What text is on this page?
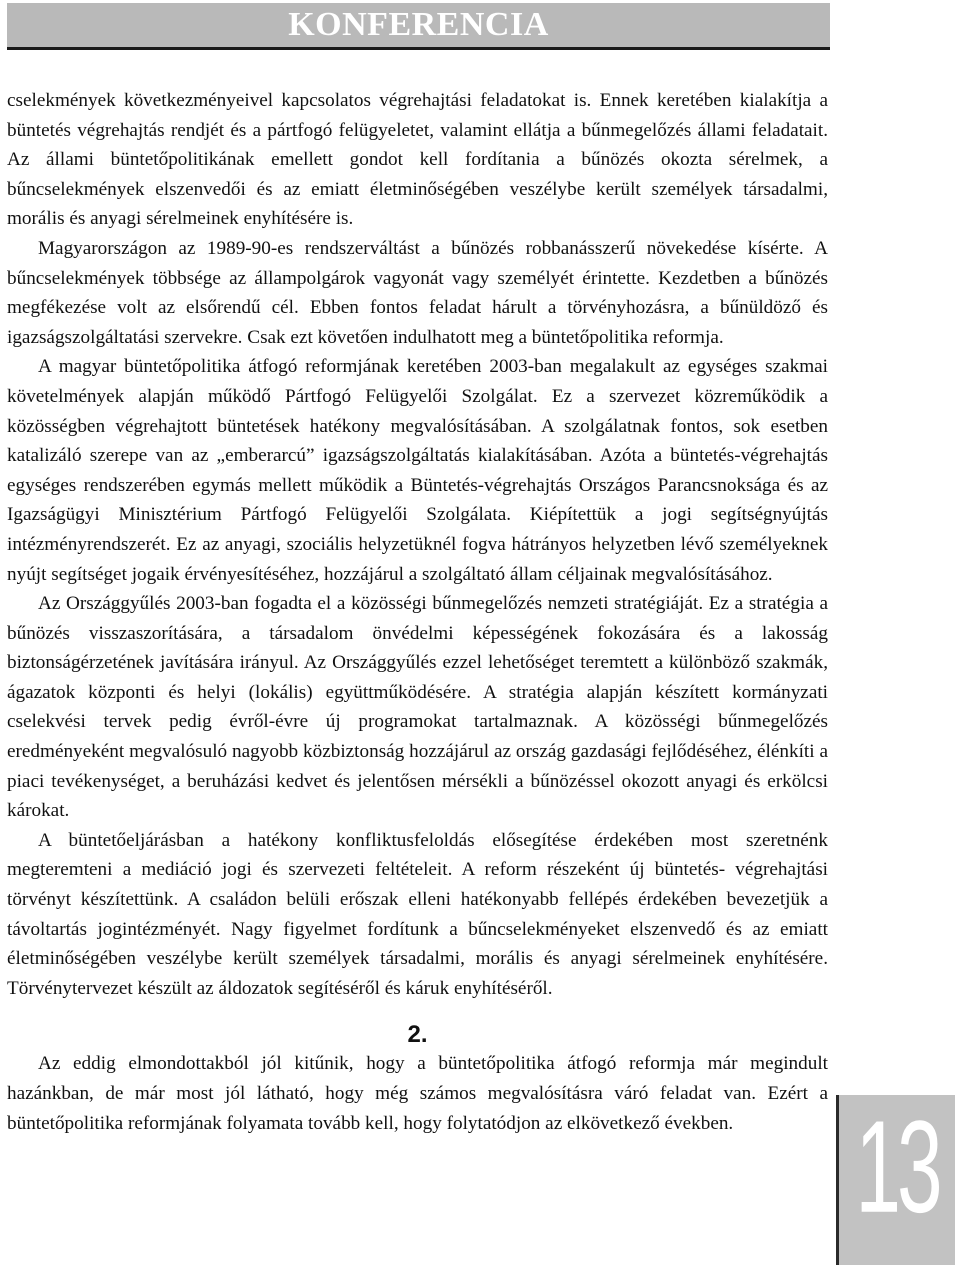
KONFERENCIA

cselekmények következményeivel kapcsolatos végrehajtási feladatokat is. Ennek keretében kialakítja a büntetés végrehajtás rendjét és a pártfogó felügyeletet, valamint ellátja a bűnmegelőzés állami feladatait. Az állami büntetőpolitikának emellett gondot kell fordítania a bűnözés okozta sérelmek, a bűncselekmények elszenvedői és az emiatt életminőségében veszélybe került személyek társadalmi, morális és anyagi sérelmeinek enyhítésére is.

Magyarországon az 1989-90-es rendszerváltást a bűnözés robbanásszerű növekedése kísérte. A bűncselekmények többsége az állampolgárok vagyonát vagy személyét érintette. Kezdetben a bűnözés megfékezése volt az elsőrendű cél. Ebben fontos feladat hárult a törvényhozásra, a bűnüldöző és igazságszolgáltatási szervekre. Csak ezt követően indulhatott meg a büntetőpolitika reformja.

A magyar büntetőpolitika átfogó reformjának keretében 2003-ban megalakult az egységes szakmai követelmények alapján működő Pártfogó Felügyelői Szolgálat. Ez a szervezet közreműködik a közösségben végrehajtott büntetések hatékony megvalósításában. A szolgálatnak fontos, sok esetben katalizáló szerepe van az „emberarcú” igazságszolgáltatás kialakításában. Azóta a büntetés-végrehajtás egységes rendszerében egymás mellett működik a Büntetés-végrehajtás Országos Parancsnoksága és az Igazságügyi Minisztérium Pártfogó Felügyelői Szolgálata. Kiépítettük a jogi segítségnyújtás intézményrendszerét. Ez az anyagi, szociális helyzetüknél fogva hátrányos helyzetben lévő személyeknek nyújt segítséget jogaik érvényesítéséhez, hozzájárul a szolgáltató állam céljainak megvalósításához.

Az Országgyűlés 2003-ban fogadta el a közösségi bűnmegelőzés nemzeti stratégiáját. Ez a stratégia a bűnözés visszaszorítására, a társadalom önvédelmi képességének fokozására és a lakosság biztonságérzetének javítására irányul. Az Országgyűlés ezzel lehetőséget teremtett a különböző szakmák, ágazatok központi és helyi (lokális) együttműködésére. A stratégia alapján készített kormányzati cselekvési tervek pedig évről-évre új programokat tartalmaznak. A közösségi bűnmegelőzés eredményeként megvalósuló nagyobb közbiztonság hozzájárul az ország gazdasági fejlődéséhez, élénkíti a piaci tevékenységet, a beruházási kedvet és jelentősen mérsékli a bűnözéssel okozott anyagi és erkölcsi károkat.

A büntetőeljárásban a hatékony konfliktusfeloldás elősegítése érdekében most szeretnénk megteremteni a mediáció jogi és szervezeti feltételeit. A reform részeként új büntetés- végrehajtási törvényt készítettünk. A családon belüli erőszak elleni hatékonyabb fellépés érdekében bevezetjük a távoltartás jogintézményét. Nagy figyelmet fordítunk a bűncselekményeket elszenvedő és az emiatt életminőségében veszélybe került személyek társadalmi, morális és anyagi sérelmeinek enyhítésére. Törvénytervezet készült az áldozatok segítéséről és káruk enyhítéséről.

2.

Az eddig elmondottakból jól kitűnik, hogy a büntetőpolitika átfogó reformja már megindult hazánkban, de már most jól látható, hogy még számos megvalósításra váró feladat van. Ezért a büntetőpolitika reformjának folyamata tovább kell, hogy folytatódjon az elkövetkező években.	13
